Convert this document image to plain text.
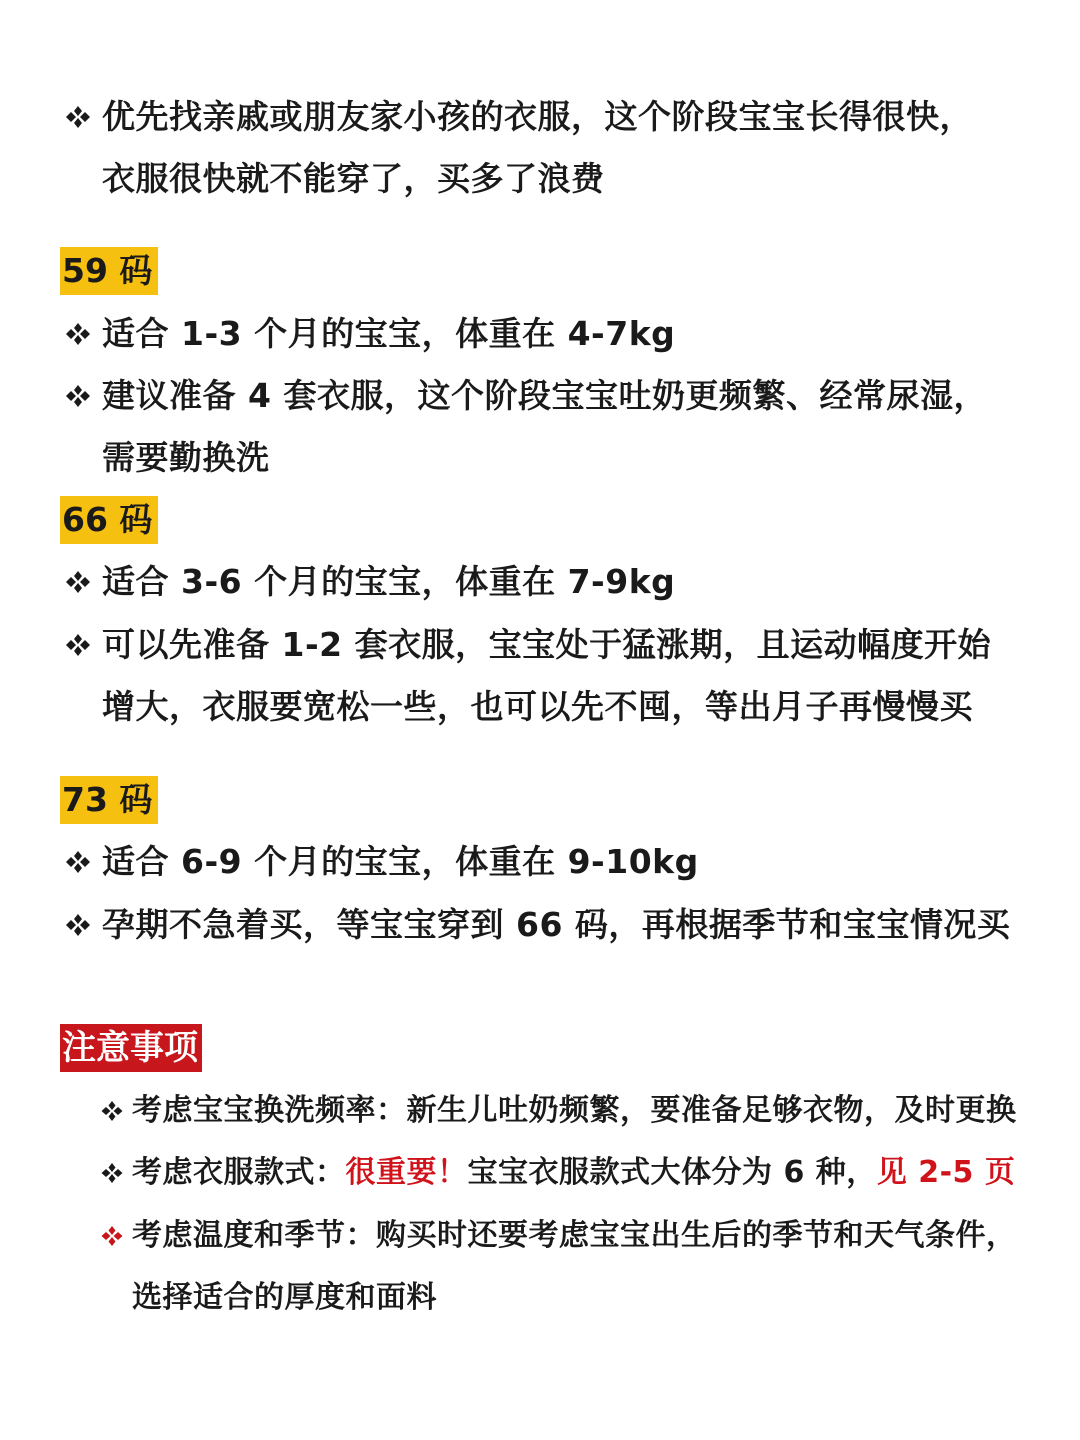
优先找亲戚或朋友家小孩的衣服，这个阶段宝宝长得很快，
衣服很快就不能穿了，买多了浪费
59 码
适合 1-3 个月的宝宝，体重在 4-7kg
建议准备 4 套衣服，这个阶段宝宝吐奶更频繁、经常尿湿，
需要勤换洗
66 码
适合 3-6 个月的宝宝，体重在 7-9kg
可以先准备 1-2 套衣服，宝宝处于猛涨期，且运动幅度开始
增大，衣服要宽松一些，也可以先不囤，等出月子再慢慢买
73 码
适合 6-9 个月的宝宝，体重在 9-10kg
孕期不急着买，等宝宝穿到 66 码，再根据季节和宝宝情况买
注意事项
考虑宝宝换洗频率：新生儿吐奶频繁，要准备足够衣物，及时更换
考虑衣服款式：很重要！宝宝衣服款式大体分为 6 种，见 2-5 页
考虑温度和季节：购买时还要考虑宝宝出生后的季节和天气条件，
选择适合的厚度和面料
